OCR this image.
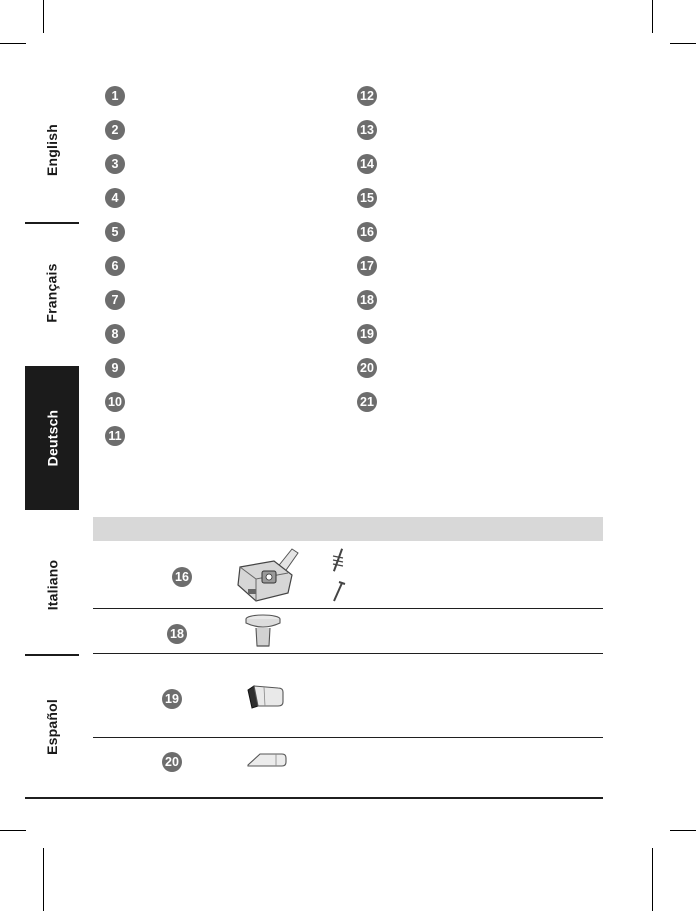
English
Français
Deutsch
Italiano
Español
1
2
3
4
5
6
7
8
9
10
11
12
13
14
15
16
17
18
19
20
21
16
18
19
20
